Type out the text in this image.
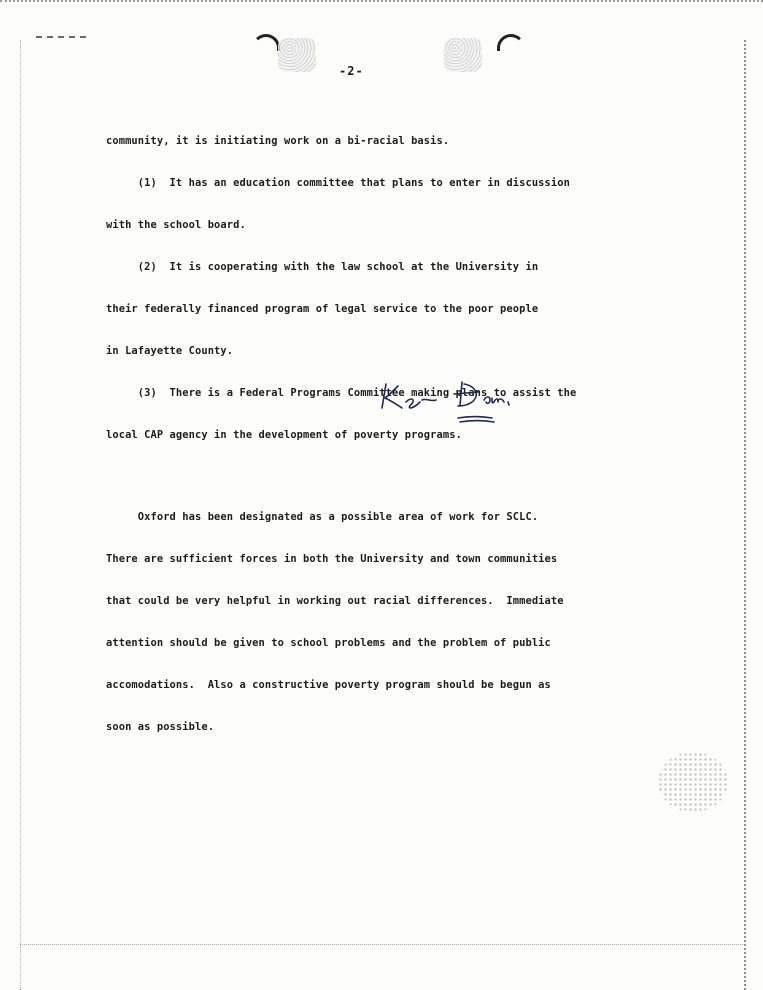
-2-

community, it is initiating work on a bi-racial basis.

(1)  It has an education committee that plans to enter in discussion

with the school board.

(2)  It is cooperating with the law school at the University in

their federally financed program of legal service to the poor people

in Lafayette County.

(3)  There is a Federal Programs Committee making plans to assist the

local CAP agency in the development of poverty programs.

Oxford has been designated as a possible area of work for SCLC.

There are sufficient forces in both the University and town communities

that could be very helpful in working out racial differences.  Immediate

attention should be given to school problems and the problem of public

accomodations.  Also a constructive poverty program should be begun as

soon as possible.
